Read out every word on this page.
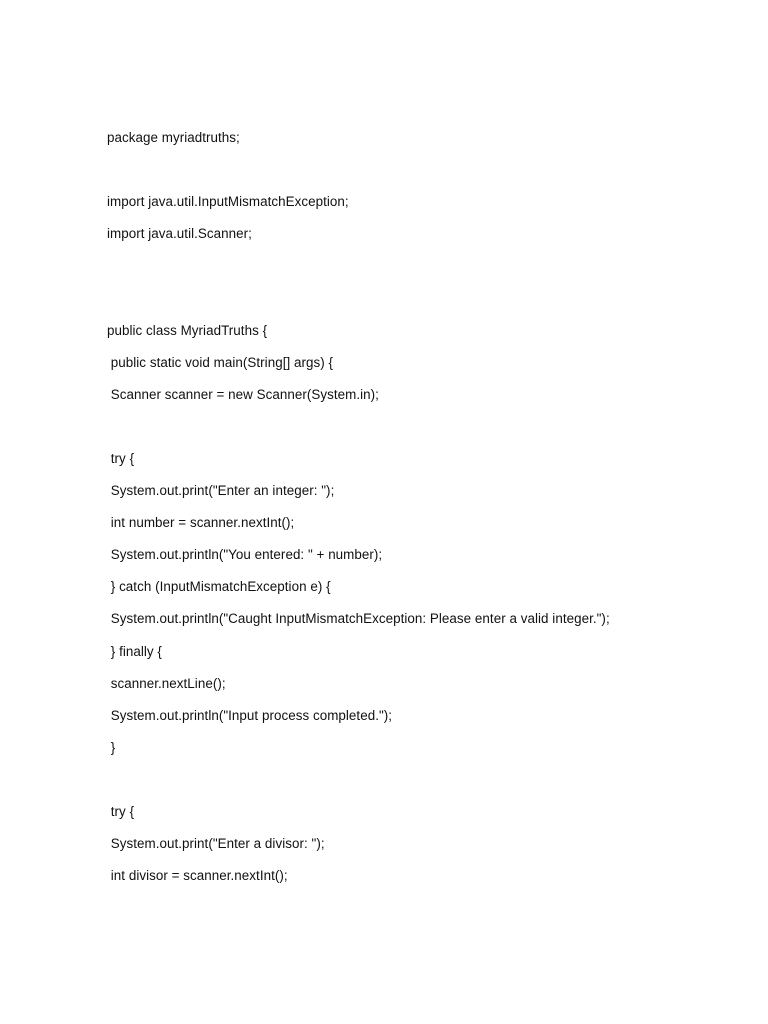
package myriadtruths;
import java.util.InputMismatchException;
import java.util.Scanner;
public class MyriadTruths {
public static void main(String[] args) {
Scanner scanner = new Scanner(System.in);
try {
System.out.print("Enter an integer: ");
int number = scanner.nextInt();
System.out.println("You entered: " + number);
} catch (InputMismatchException e) {
System.out.println("Caught InputMismatchException: Please enter a valid integer.");
} finally {
scanner.nextLine();
System.out.println("Input process completed.");
}
try {
System.out.print("Enter a divisor: ");
int divisor = scanner.nextInt();
